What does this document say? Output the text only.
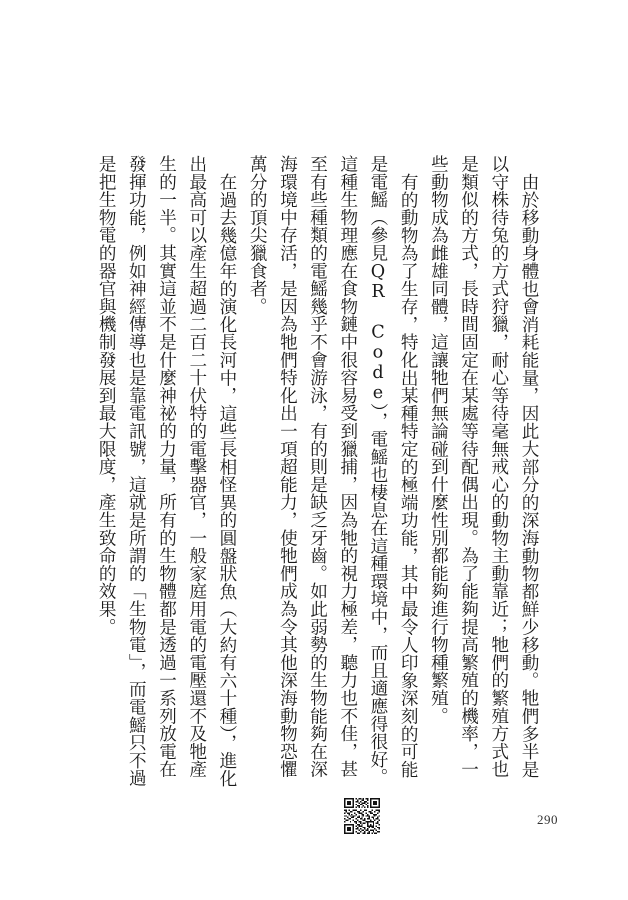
由於移動身體也會消耗能量，因此大部分的深海動物都鮮少移動。牠們多半是以守株待兔的方式狩獵，耐心等待毫無戒心的動物主動靠近；牠們的繁殖方式也是類似的方式，長時間固定在某處等待配偶出現。為了能夠提高繁殖的機率，一些動物成為雌雄同體，這讓牠們無論碰到什麼性別都能夠進行物種繁殖。

有的動物為了生存，特化出某種特定的極端功能，其中最令人印象深刻的可能是電鰩（參見QR Code），電鰩也棲息在這種環境中，而且適應得很好。這種生物理應在食物鏈中很容易受到獵捕，因為牠的視力極差，聽力也不佳，甚至有些種類的電鰩幾乎不會游泳，有的則是缺乏牙齒。如此弱勢的生物能夠在深海環境中存活，是因為牠們特化出一項超能力，使牠們成為令其他深海動物恐懼萬分的頂尖獵食者。

在過去幾億年的演化長河中，這些長相怪異的圓盤狀魚（大約有六十種），進化出最高可以產生超過二百二十伏特的電擊器官，一般家庭用電的電壓還不及牠產生的一半。其實這並不是什麼神祕的力量，所有的生物體都是透過一系列放電在發揮功能，例如神經傳導也是靠電訊號，這就是所謂的「生物電」，而電鰩只不過是把生物電的器官與機制發展到最大限度，產生致命的效果。

290
